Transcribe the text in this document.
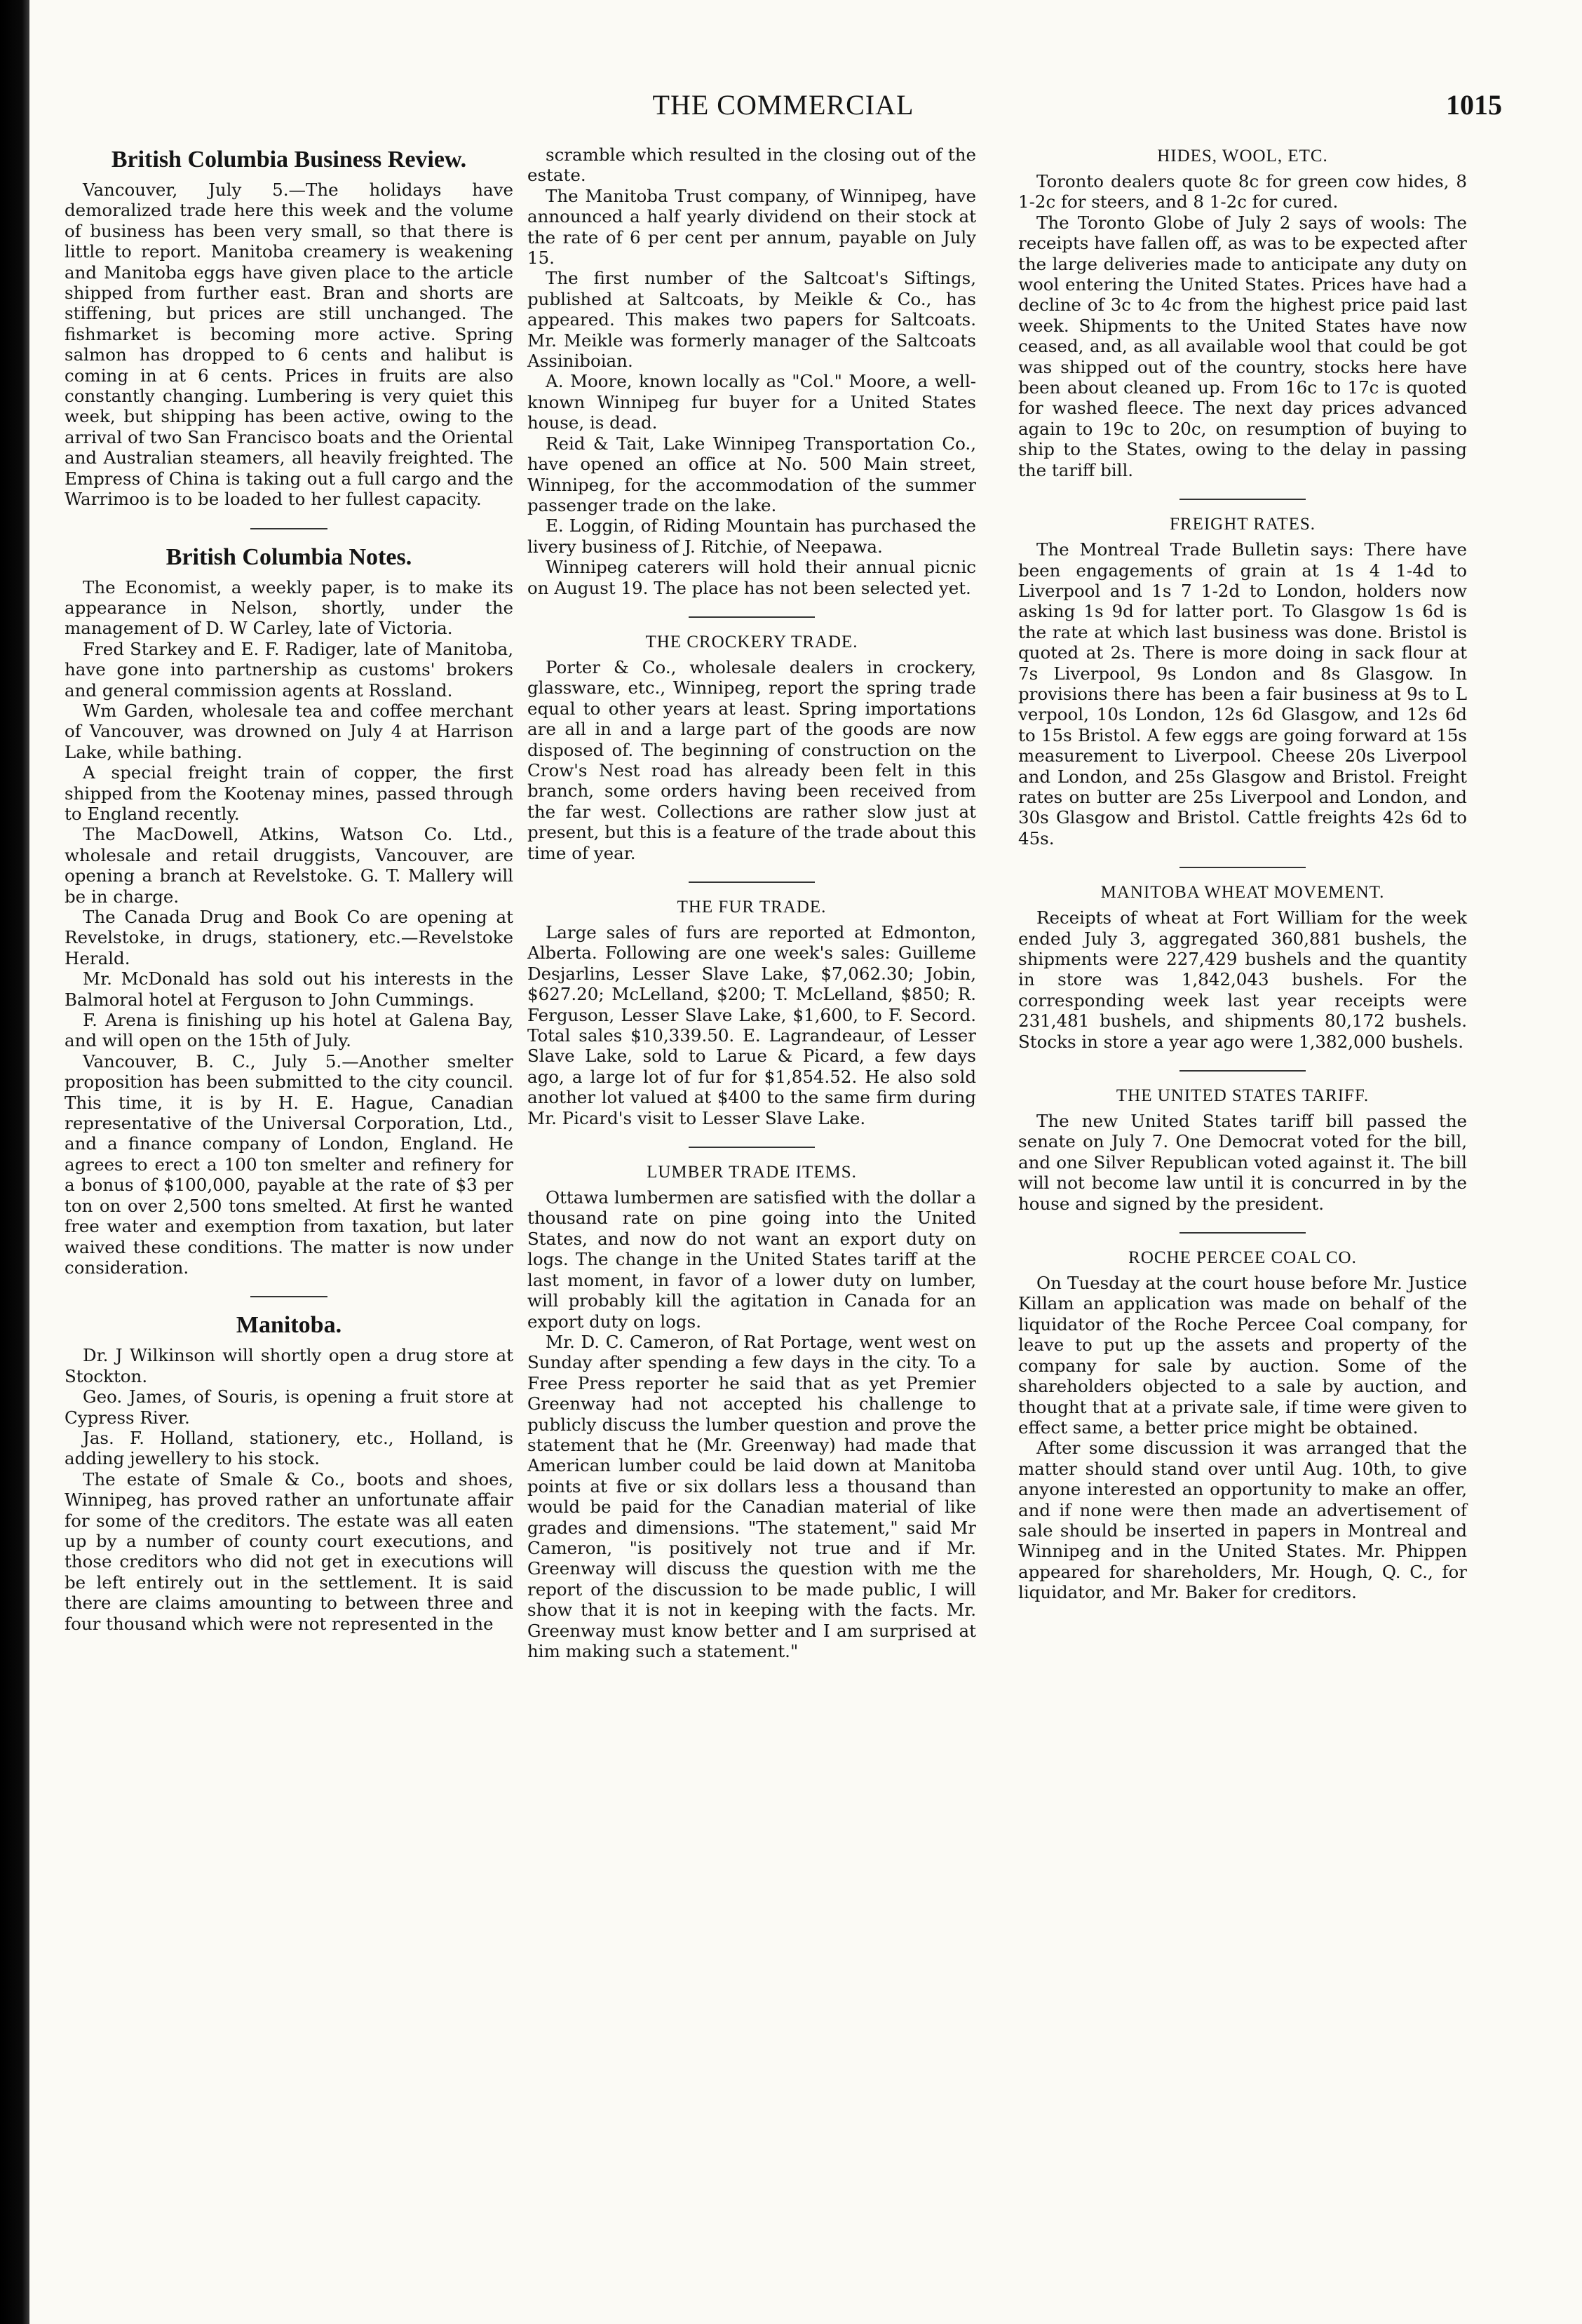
THE COMMERCIAL	1015
British Columbia Business Review.

Vancouver, July 5.—The holidays have demoralized trade here this week and the volume of business has been very small, so that there is little to report. Manitoba creamery is weakening and Manitoba eggs have given place to the article shipped from further east. Bran and shorts are stiffening, but prices are still unchanged. The fishmarket is becoming more active. Spring salmon has dropped to 6 cents and halibut is coming in at 6 cents. Prices in fruits are also constantly changing. Lumbering is very quiet this week, but shipping has been active, owing to the arrival of two San Francisco boats and the Oriental and Australian steamers, all heavily freighted. The Empress of China is taking out a full cargo and the Warrimoo is to be loaded to her fullest capacity.

British Columbia Notes.

The Economist, a weekly paper, is to make its appearance in Nelson, shortly, under the management of D. W Carley, late of Victoria.

Fred Starkey and E. F. Radiger, late of Manitoba, have gone into partnership as customs' brokers and general commission agents at Rossland.

Wm Garden, wholesale tea and coffee merchant of Vancouver, was drowned on July 4 at Harrison Lake, while bathing.

A special freight train of copper, the first shipped from the Kootenay mines, passed through to England recently.

The MacDowell, Atkins, Watson Co. Ltd., wholesale and retail druggists, Vancouver, are opening a branch at Revelstoke. G. T. Mallery will be in charge.

The Canada Drug and Book Co are opening at Revelstoke, in drugs, stationery, etc.—Revelstoke Herald.

Mr. McDonald has sold out his interests in the Balmoral hotel at Ferguson to John Cummings.

F. Arena is finishing up his hotel at Galena Bay, and will open on the 15th of July.

Vancouver, B. C., July 5.—Another smelter proposition has been submitted to the city council. This time, it is by H. E. Hague, Canadian representative of the Universal Corporation, Ltd., and a finance company of London, England. He agrees to erect a 100 ton smelter and refinery for a bonus of $100,000, payable at the rate of $3 per ton on over 2,500 tons smelted. At first he wanted free water and exemption from taxation, but later waived these conditions. The matter is now under consideration.

Manitoba.

Dr. J Wilkinson will shortly open a drug store at Stockton.

Geo. James, of Souris, is opening a fruit store at Cypress River.

Jas. F. Holland, stationery, etc., Holland, is adding jewellery to his stock.

The estate of Smale & Co., boots and shoes, Winnipeg, has proved rather an unfortunate affair for some of the creditors. The estate was all eaten up by a number of county court executions, and those creditors who did not get in executions will be left entirely out in the settlement. It is said there are claims amounting to between three and four thousand which were not represented in the

scramble which resulted in the closing out of the estate.

The Manitoba Trust company, of Winnipeg, have announced a half yearly dividend on their stock at the rate of 6 per cent per annum, payable on July 15.

The first number of the Saltcoat's Siftings, published at Saltcoats, by Meikle & Co., has appeared. This makes two papers for Saltcoats. Mr. Meikle was formerly manager of the Saltcoats Assiniboian.

A. Moore, known locally as "Col." Moore, a well-known Winnipeg fur buyer for a United States house, is dead.

Reid & Tait, Lake Winnipeg Transportation Co., have opened an office at No. 500 Main street, Winnipeg, for the accommodation of the summer passenger trade on the lake.

E. Loggin, of Riding Mountain has purchased the livery business of J. Ritchie, of Neepawa.

Winnipeg caterers will hold their annual picnic on August 19. The place has not been selected yet.

THE CROCKERY TRADE.

Porter & Co., wholesale dealers in crockery, glassware, etc., Winnipeg, report the spring trade equal to other years at least. Spring importations are all in and a large part of the goods are now disposed of. The beginning of construction on the Crow's Nest road has already been felt in this branch, some orders having been received from the far west. Collections are rather slow just at present, but this is a feature of the trade about this time of year.

THE FUR TRADE.

Large sales of furs are reported at Edmonton, Alberta. Following are one week's sales: Guilleme Desjarlins, Lesser Slave Lake, $7,062.30; Jobin, $627.20; McLelland, $200; T. McLelland, $850; R. Ferguson, Lesser Slave Lake, $1,600, to F. Secord. Total sales $10,339.50. E. Lagrandeaur, of Lesser Slave Lake, sold to Larue & Picard, a few days ago, a large lot of fur for $1,854.52. He also sold another lot valued at $400 to the same firm during Mr. Picard's visit to Lesser Slave Lake.

LUMBER TRADE ITEMS.

Ottawa lumbermen are satisfied with the dollar a thousand rate on pine going into the United States, and now do not want an export duty on logs. The change in the United States tariff at the last moment, in favor of a lower duty on lumber, will probably kill the agitation in Canada for an export duty on logs.

Mr. D. C. Cameron, of Rat Portage, went west on Sunday after spending a few days in the city. To a Free Press reporter he said that as yet Premier Greenway had not accepted his challenge to publicly discuss the lumber question and prove the statement that he (Mr. Greenway) had made that American lumber could be laid down at Manitoba points at five or six dollars less a thousand than would be paid for the Canadian material of like grades and dimensions. "The statement," said Mr Cameron, "is positively not true and if Mr. Greenway will discuss the question with me the report of the discussion to be made public, I will show that it is not in keeping with the facts. Mr. Greenway must know better and I am surprised at him making such a statement."

HIDES, WOOL, ETC.

Toronto dealers quote 8c for green cow hides, 8 1-2c for steers, and 8 1-2c for cured.

The Toronto Globe of July 2 says of wools: The receipts have fallen off, as was to be expected after the large deliveries made to anticipate any duty on wool entering the United States. Prices have had a decline of 3c to 4c from the highest price paid last week. Shipments to the United States have now ceased, and, as all available wool that could be got was shipped out of the country, stocks here have been about cleaned up. From 16c to 17c is quoted for washed fleece. The next day prices advanced again to 19c to 20c, on resumption of buying to ship to the States, owing to the delay in passing the tariff bill.

FREIGHT RATES.

The Montreal Trade Bulletin says: There have been engagements of grain at 1s 4 1-4d to Liverpool and 1s 7 1-2d to London, holders now asking 1s 9d for latter port. To Glasgow 1s 6d is the rate at which last business was done. Bristol is quoted at 2s. There is more doing in sack flour at 7s Liverpool, 9s London and 8s Glasgow. In provisions there has been a fair business at 9s to L verpool, 10s London, 12s 6d Glasgow, and 12s 6d to 15s Bristol. A few eggs are going forward at 15s measurement to Liverpool. Cheese 20s Liverpool and London, and 25s Glasgow and Bristol. Freight rates on butter are 25s Liverpool and London, and 30s Glasgow and Bristol. Cattle freights 42s 6d to 45s.

MANITOBA WHEAT MOVEMENT.

Receipts of wheat at Fort William for the week ended July 3, aggregated 360,881 bushels, the shipments were 227,429 bushels and the quantity in store was 1,842,043 bushels. For the corresponding week last year receipts were 231,481 bushels, and shipments 80,172 bushels. Stocks in store a year ago were 1,382,000 bushels.

THE UNITED STATES TARIFF.

The new United States tariff bill passed the senate on July 7. One Democrat voted for the bill, and one Silver Republican voted against it. The bill will not become law until it is concurred in by the house and signed by the president.

ROCHE PERCEE COAL CO.

On Tuesday at the court house before Mr. Justice Killam an application was made on behalf of the liquidator of the Roche Percee Coal company, for leave to put up the assets and property of the company for sale by auction. Some of the shareholders objected to a sale by auction, and thought that at a private sale, if time were given to effect same, a better price might be obtained.

After some discussion it was arranged that the matter should stand over until Aug. 10th, to give anyone interested an opportunity to make an offer, and if none were then made an advertisement of sale should be inserted in papers in Montreal and Winnipeg and in the United States. Mr. Phippen appeared for shareholders, Mr. Hough, Q. C., for liquidator, and Mr. Baker for creditors.
